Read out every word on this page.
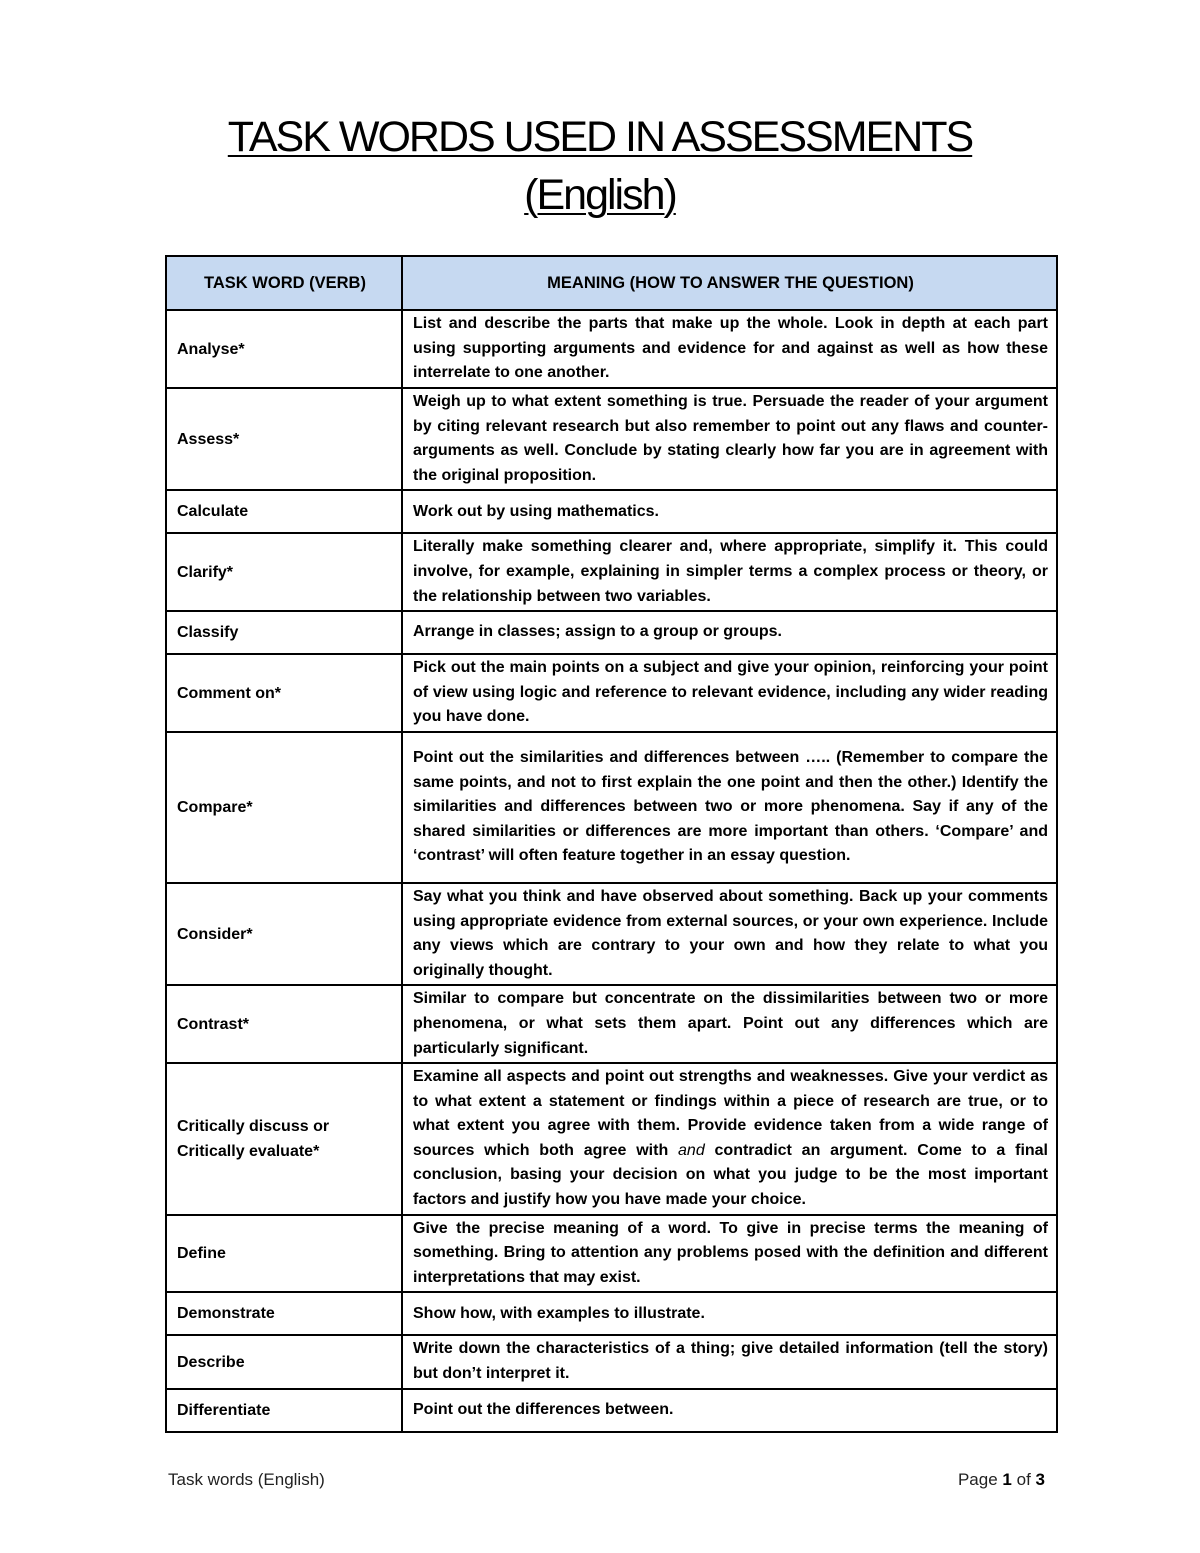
TASK WORDS USED IN ASSESSMENTS
(English)
TASK WORD (VERB)	MEANING (HOW TO ANSWER THE QUESTION)
Analyse*	List and describe the parts that make up the whole. Look in depth at each part using supporting arguments and evidence for and against as well as how these interrelate to one another.
Assess*	Weigh up to what extent something is true. Persuade the reader of your argument by citing relevant research but also remember to point out any flaws and counter-arguments as well. Conclude by stating clearly how far you are in agreement with the original proposition.
Calculate	Work out by using mathematics.
Clarify*	Literally make something clearer and, where appropriate, simplify it. This could involve, for example, explaining in simpler terms a complex process or theory, or the relationship between two variables.
Classify	Arrange in classes; assign to a group or groups.
Comment on*	Pick out the main points on a subject and give your opinion, reinforcing your point of view using logic and reference to relevant evidence, including any wider reading you have done.
Compare*	Point out the similarities and differences between ….. (Remember to compare the same points, and not to first explain the one point and then the other.) Identify the similarities and differences between two or more phenomena. Say if any of the shared similarities or differences are more important than others. ‘Compare’ and ‘contrast’ will often feature together in an essay question.
Consider*	Say what you think and have observed about something. Back up your comments using appropriate evidence from external sources, or your own experience. Include any views which are contrary to your own and how they relate to what you originally thought.
Contrast*	Similar to compare but concentrate on the dissimilarities between two or more phenomena, or what sets them apart. Point out any differences which are particularly significant.
Critically discuss or Critically evaluate*	Examine all aspects and point out strengths and weaknesses. Give your verdict as to what extent a statement or findings within a piece of research are true, or to what extent you agree with them. Provide evidence taken from a wide range of sources which both agree with and contradict an argument. Come to a final conclusion, basing your decision on what you judge to be the most important factors and justify how you have made your choice.
Define	Give the precise meaning of a word. To give in precise terms the meaning of something. Bring to attention any problems posed with the definition and different interpretations that may exist.
Demonstrate	Show how, with examples to illustrate.
Describe	Write down the characteristics of a thing; give detailed information (tell the story) but don’t interpret it.
Differentiate	Point out the differences between.
Task words (English)	Page 1 of 3
